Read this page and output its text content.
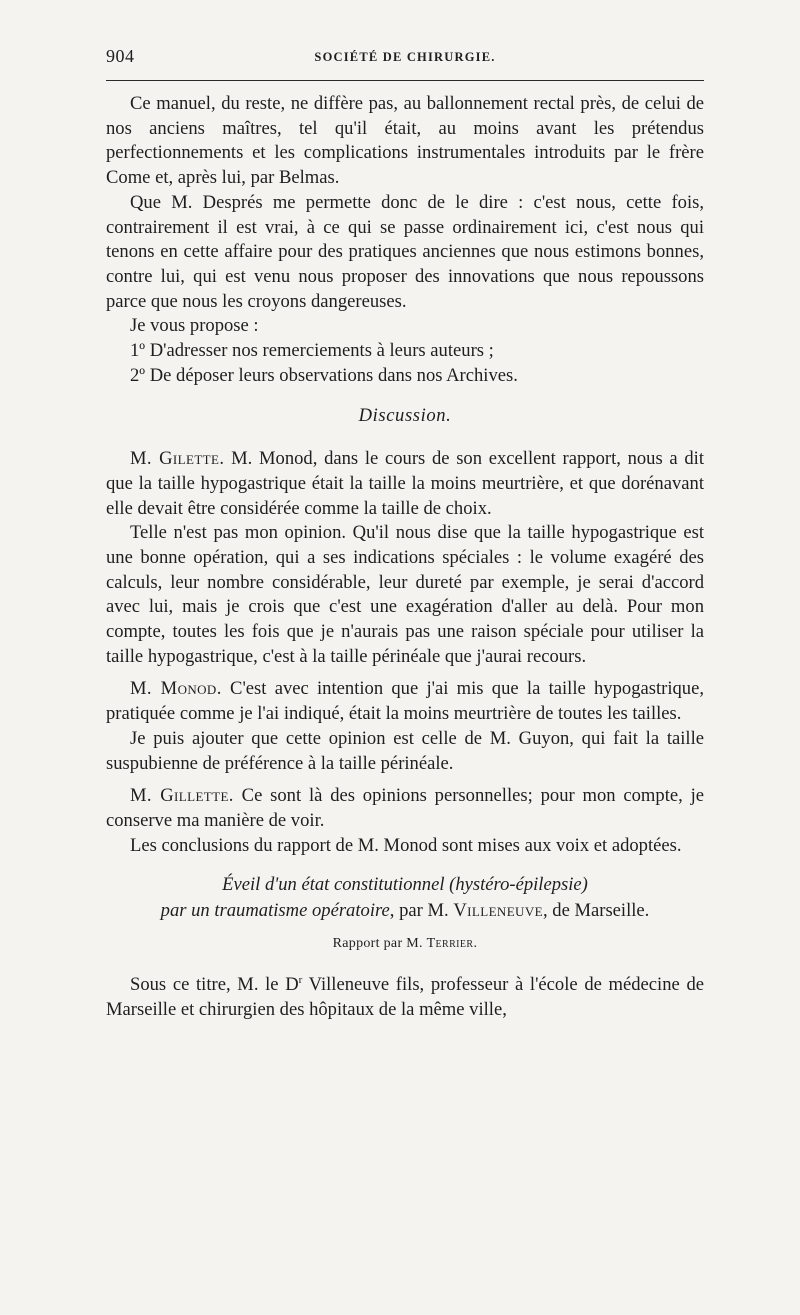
904	SOCIÉTÉ DE CHIRURGIE.

Ce manuel, du reste, ne diffère pas, au ballonnement rectal près, de celui de nos anciens maîtres, tel qu'il était, au moins avant les prétendus perfectionnements et les complications instrumentales introduits par le frère Come et, après lui, par Belmas.

Que M. Després me permette donc de le dire : c'est nous, cette fois, contrairement il est vrai, à ce qui se passe ordinairement ici, c'est nous qui tenons en cette affaire pour des pratiques anciennes que nous estimons bonnes, contre lui, qui est venu nous proposer des innovations que nous repoussons parce que nous les croyons dangereuses.

Je vous propose :

1º D'adresser nos remerciements à leurs auteurs ;

2º De déposer leurs observations dans nos Archives.

Discussion.

M. Gilette. M. Monod, dans le cours de son excellent rapport, nous a dit que la taille hypogastrique était la taille la moins meurtrière, et que dorénavant elle devait être considérée comme la taille de choix.

Telle n'est pas mon opinion. Qu'il nous dise que la taille hypogastrique est une bonne opération, qui a ses indications spéciales : le volume exagéré des calculs, leur nombre considérable, leur dureté par exemple, je serai d'accord avec lui, mais je crois que c'est une exagération d'aller au delà. Pour mon compte, toutes les fois que je n'aurais pas une raison spéciale pour utiliser la taille hypogastrique, c'est à la taille périnéale que j'aurai recours.

M. Monod. C'est avec intention que j'ai mis que la taille hypogastrique, pratiquée comme je l'ai indiqué, était la moins meurtrière de toutes les tailles.

Je puis ajouter que cette opinion est celle de M. Guyon, qui fait la taille suspubienne de préférence à la taille périnéale.

M. Gillette. Ce sont là des opinions personnelles; pour mon compte, je conserve ma manière de voir.

Les conclusions du rapport de M. Monod sont mises aux voix et adoptées.

Éveil d'un état constitutionnel (hystéro-épilepsie)
par un traumatisme opératoire, par M. Villeneuve, de Marseille.

Rapport par M. Terrier.

Sous ce titre, M. le $D^r$ Villeneuve fils, professeur à l'école de médecine de Marseille et chirurgien des hôpitaux de la même ville,
